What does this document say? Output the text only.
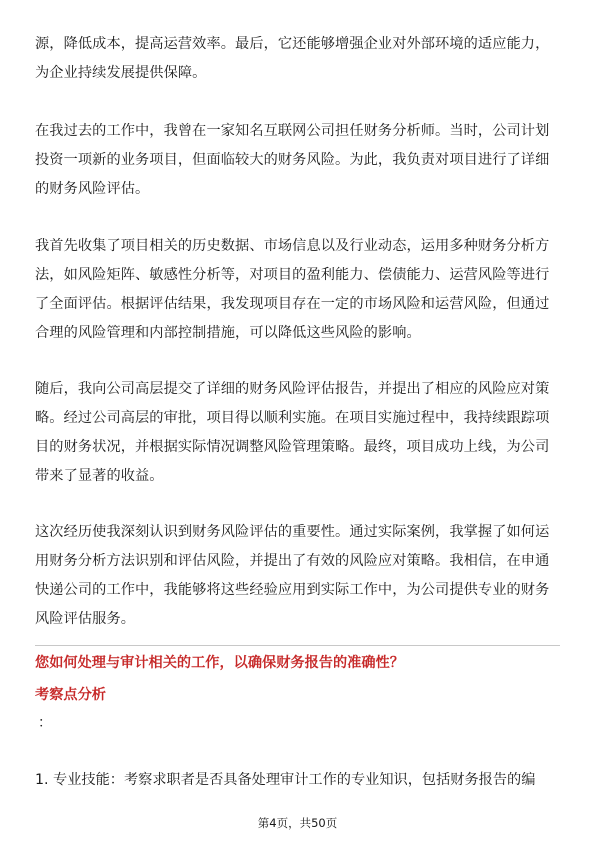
源，降低成本，提高运营效率。最后，它还能够增强企业对外部环境的适应能力，
为企业持续发展提供保障。
在我过去的工作中，我曾在一家知名互联网公司担任财务分析师。当时，公司计划
投资一项新的业务项目，但面临较大的财务风险。为此，我负责对项目进行了详细
的财务风险评估。
我首先收集了项目相关的历史数据、市场信息以及行业动态，运用多种财务分析方
法，如风险矩阵、敏感性分析等，对项目的盈利能力、偿债能力、运营风险等进行
了全面评估。根据评估结果，我发现项目存在一定的市场风险和运营风险，但通过
合理的风险管理和内部控制措施，可以降低这些风险的影响。
随后，我向公司高层提交了详细的财务风险评估报告，并提出了相应的风险应对策
略。经过公司高层的审批，项目得以顺利实施。在项目实施过程中，我持续跟踪项
目的财务状况，并根据实际情况调整风险管理策略。最终，项目成功上线，为公司
带来了显著的收益。
这次经历使我深刻认识到财务风险评估的重要性。通过实际案例，我掌握了如何运
用财务分析方法识别和评估风险，并提出了有效的风险应对策略。我相信，在申通
快递公司的工作中，我能够将这些经验应用到实际工作中，为公司提供专业的财务
风险评估服务。
您如何处理与审计相关的工作，以确保财务报告的准确性？
考察点分析
：
1. 专业技能：考察求职者是否具备处理审计工作的专业知识，包括财务报告的编
第4页，共50页
